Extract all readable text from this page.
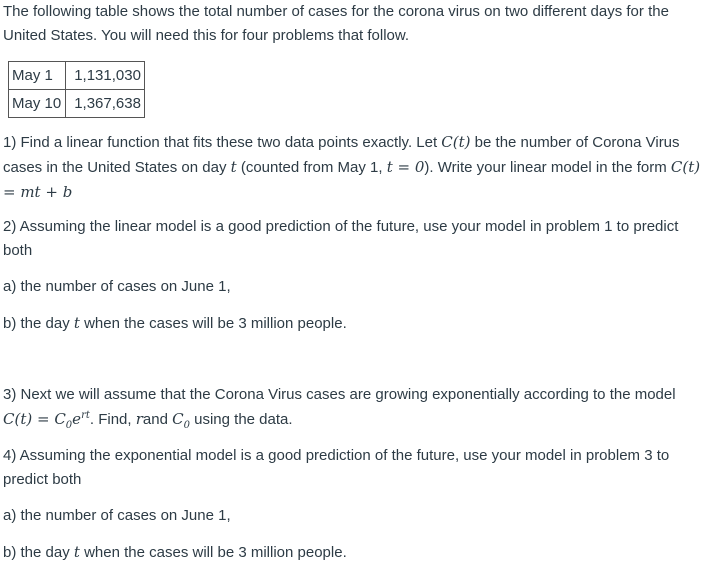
The following table shows the total number of cases for the corona virus on two different days for the United States. You will need this for four problems that follow.

1) Find a linear function that fits these two data points exactly. Let C(t) be the number of Corona Virus cases in the United States on day t (counted from May 1, t = 0). Write your linear model in the form C(t) = mt + b

2) Assuming the linear model is a good prediction of the future, use your model in problem 1 to predict both

a) the number of cases on June 1,

b) the day t when the cases will be 3 million people.

3) Next we will assume that the Corona Virus cases are growing exponentially according to the model $C(t) = C_0e^{rt}$. Find, rand $C_0$ using the data.

4) Assuming the exponential model is a good prediction of the future, use your model in problem 3 to predict both

a) the number of cases on June 1,

b) the day t when the cases will be 3 million people.

May 1	1,131,030
May 10	1,367,638
